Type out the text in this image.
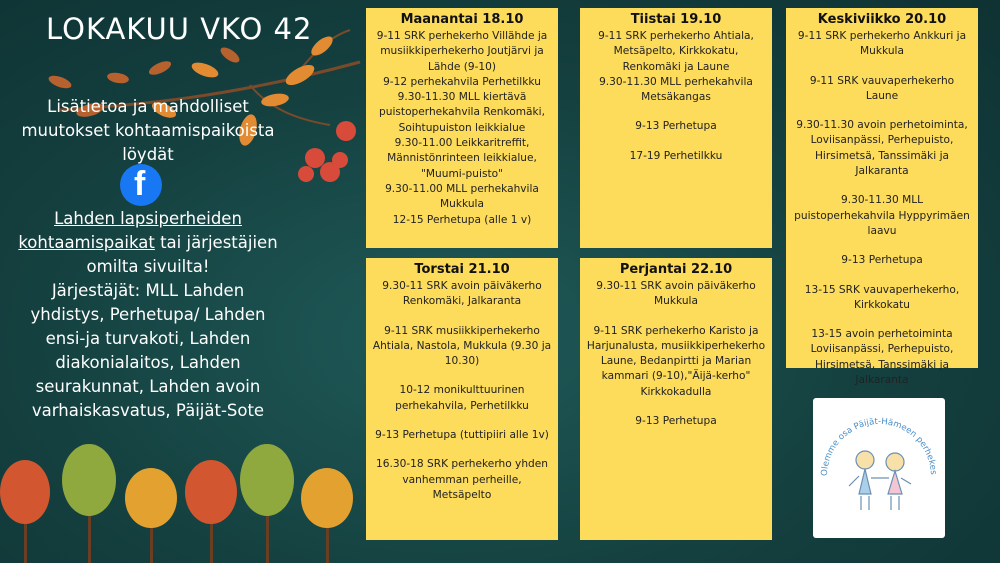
LOKAKUU VKO 42
Lisätietoa ja mahdolliset muutokset kohtaamispaikoista löydät
f
Lahden lapsiperheiden kohtaamispaikat tai järjestäjien omilta sivuilta!
Järjestäjät: MLL Lahden yhdistys, Perhetupa/ Lahden ensi-ja turvakoti, Lahden diakonialaitos, Lahden seurakunnat, Lahden avoin varhaiskasvatus, Päijät-Sote
Maanantai 18.10

9-11 SRK perhekerho Villähde ja musiikkiperhekerho Joutjärvi ja Lähde (9-10)

9-12 perhekahvila Perhetilkku

9.30-11.30 MLL kiertävä puistoperhekahvila Renkomäki, Soihtupuiston leikkialue

9.30-11.00 Leikkaritreffit, Männistönrinteen leikkialue, "Muumi-puisto"

9.30-11.00 MLL perhekahvila Mukkula

12-15 Perhetupa (alle 1 v)

Tiistai 19.10

9-11 SRK perhekerho Ahtiala, Metsäpelto, Kirkkokatu, Renkomäki ja Laune

9.30-11.30 MLL perhekahvila Metsäkangas

9-13 Perhetupa

17-19 Perhetilkku

Keskiviikko 20.10

9-11 SRK perhekerho Ankkuri ja Mukkula

9-11 SRK vauvaperhekerho Laune

9.30-11.30 avoin perhetoiminta, Loviisanpässi, Perhepuisto, Hirsimetsä, Tanssimäki ja Jalkaranta

9.30-11.30 MLL puistoperhekahvila Hyppyrimäen laavu

9-13 Perhetupa

13-15 SRK vauvaperhekerho, Kirkkokatu

13-15 avoin perhetoiminta Loviisanpässi, Perhepuisto, Hirsimetsä, Tanssimäki ja Jalkaranta

Torstai 21.10

9.30-11 SRK avoin päiväkerho Renkomäki, Jalkaranta

9-11 SRK musiikkiperhekerho Ahtiala, Nastola, Mukkula (9.30 ja 10.30)

10-12 monikulttuurinen perhekahvila, Perhetilkku

9-13 Perhetupa (tuttipiiri alle 1v)

16.30-18 SRK perhekerho yhden vanhemman perheille, Metsäpelto

Perjantai 22.10

9.30-11 SRK avoin päiväkerho Mukkula

9-11 SRK perhekerho Karisto ja Harjunalusta, musiikkiperhekerho Laune, Bedanpirtti ja Marian kammari (9-10),"Äijä-kerho" Kirkkokadulla

9-13 Perhetupa

Olemme osa Päijät-Hämeen perhekes
